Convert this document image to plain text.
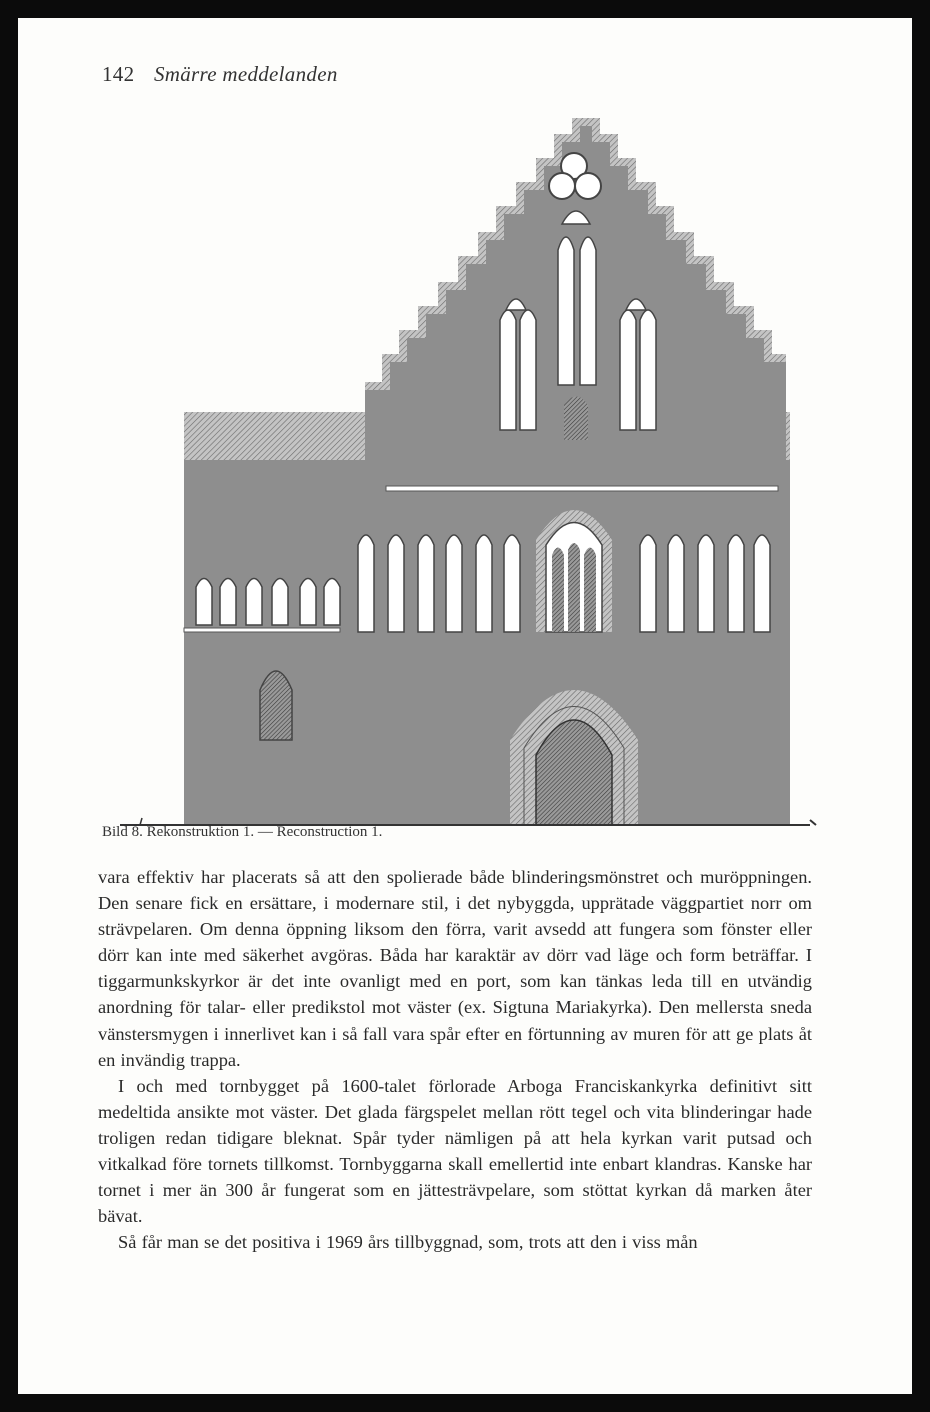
142 Smärre meddelanden
Bild 8. Rekonstruktion 1. — Reconstruction 1.

vara effektiv har placerats så att den spolierade både blinderingsmönstret och muröppningen. Den senare fick en ersättare, i modernare stil, i det nybyggda, upprätade väggpartiet norr om strävpelaren. Om denna öppning liksom den förra, varit avsedd att fungera som fönster eller dörr kan inte med säkerhet avgöras. Båda har karaktär av dörr vad läge och form beträffar. I tiggarmunkskyrkor är det inte ovanligt med en port, som kan tänkas leda till en utvändig anordning för talar- eller predikstol mot väster (ex. Sigtuna Mariakyrka). Den mellersta sneda vänstersmygen i innerlivet kan i så fall vara spår efter en förtunning av muren för att ge plats åt en invändig trappa.

I och med tornbygget på 1600-talet förlorade Arboga Franciskankyrka definitivt sitt medeltida ansikte mot väster. Det glada färgspelet mellan rött tegel och vita blinderingar hade troligen redan tidigare bleknat. Spår tyder nämligen på att hela kyrkan varit putsad och vitkalkad före tornets tillkomst. Tornbyggarna skall emellertid inte enbart klandras. Kanske har tornet i mer än 300 år fungerat som en jättesträvpelare, som stöttat kyrkan då marken åter bävat.

Så får man se det positiva i 1969 års tillbyggnad, som, trots att den i viss mån
